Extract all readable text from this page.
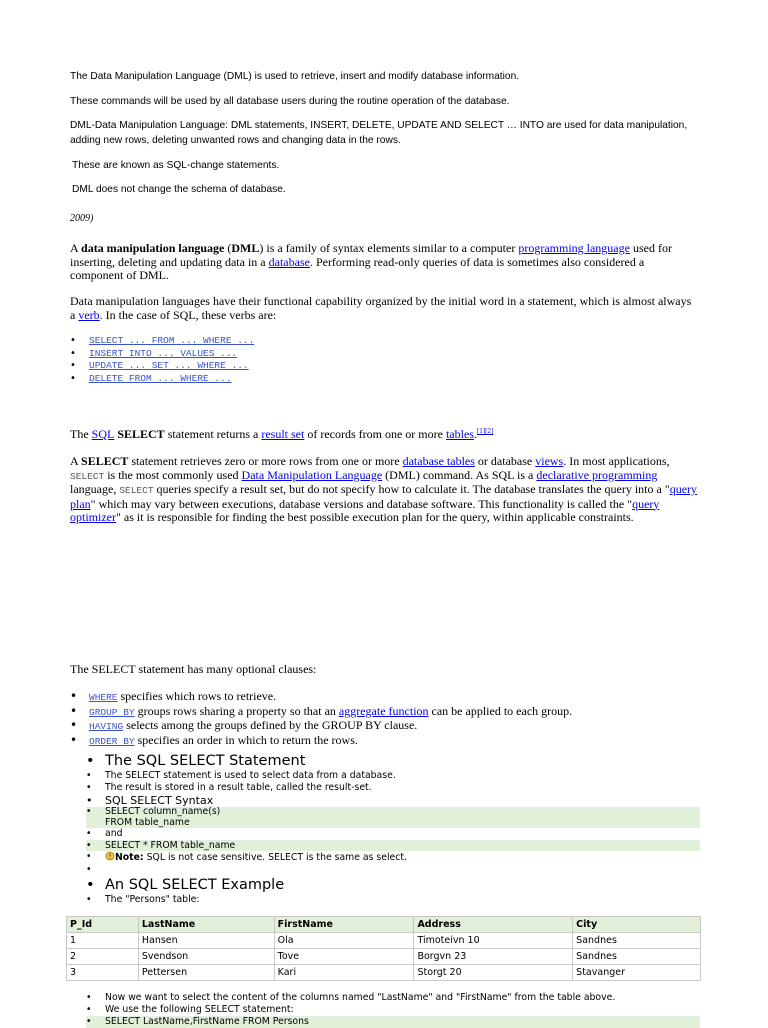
The Data Manipulation Language (DML) is used to retrieve, insert and modify database information.
These commands will be used by all database users during the routine operation of the database.
DML-Data Manipulation Language: DML statements, INSERT, DELETE, UPDATE AND SELECT … INTO are used for data manipulation, adding new rows, deleting unwanted rows and changing data in the rows.
These are known as SQL-change statements.
DML does not change the schema of database.
2009)
A data manipulation language (DML) is a family of syntax elements similar to a computer programming language used for inserting, deleting and updating data in a database. Performing read-only queries of data is sometimes also considered a component of DML.
Data manipulation languages have their functional capability organized by the initial word in a statement, which is almost always a verb. In the case of SQL, these verbs are:
• SELECT ... FROM ... WHERE ...
• INSERT INTO ... VALUES ...
• UPDATE ... SET ... WHERE ...
• DELETE FROM ... WHERE ...
The SQL SELECT statement returns a result set of records from one or more tables.[1][2]
A SELECT statement retrieves zero or more rows from one or more database tables or database views. In most applications, SELECT is the most commonly used Data Manipulation Language (DML) command. As SQL is a declarative programming language, SELECT queries specify a result set, but do not specify how to calculate it. The database translates the query into a "query plan" which may vary between executions, database versions and database software. This functionality is called the "query optimizer" as it is responsible for finding the best possible execution plan for the query, within applicable constraints.
The SELECT statement has many optional clauses:
• WHERE specifies which rows to retrieve.
• GROUP BY groups rows sharing a property so that an aggregate function can be applied to each group.
• HAVING selects among the groups defined by the GROUP BY clause.
• ORDER BY specifies an order in which to return the rows.
• The SQL SELECT Statement
• The SELECT statement is used to select data from a database.
• The result is stored in a result table, called the result-set.
• SQL SELECT Syntax
• SELECT column_name(s)
FROM table_name
• and
• SELECT * FROM table_name
• Note: SQL is not case sensitive. SELECT is the same as select.
•
• An SQL SELECT Example
• The "Persons" table:
P_Id	LastName	FirstName	Address	City
1	Hansen	Ola	Timoteivn 10	Sandnes
2	Svendson	Tove	Borgvn 23	Sandnes
3	Pettersen	Kari	Storgt 20	Stavanger
• Now we want to select the content of the columns named "LastName" and "FirstName" from the table above.
• We use the following SELECT statement:
• SELECT LastName,FirstName FROM Persons
